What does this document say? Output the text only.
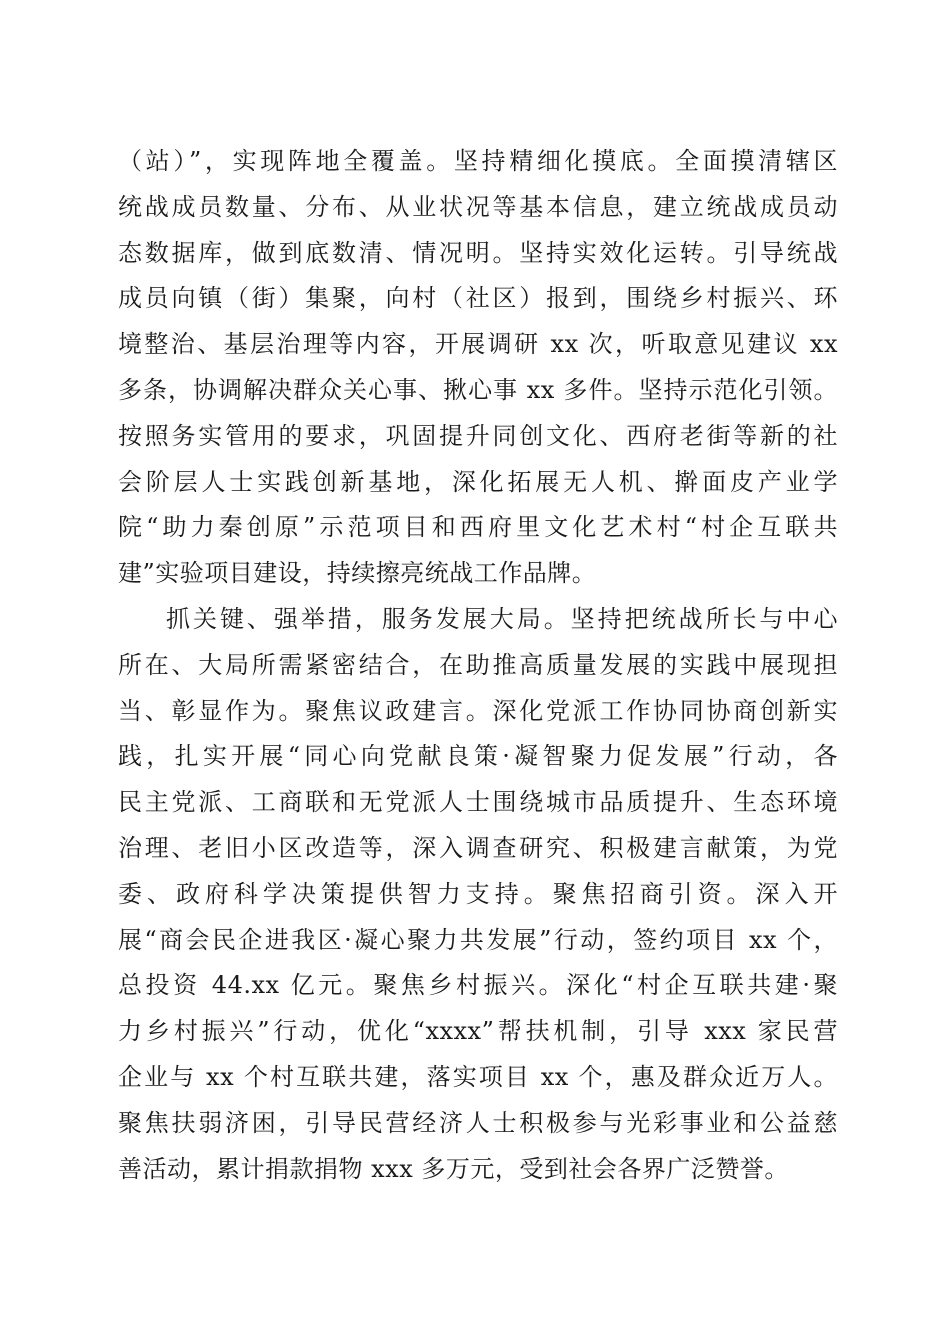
（站）”，实现阵地全覆盖。坚持精细化摸底。全面摸清辖区
统战成员数量、分布、从业状况等基本信息，建立统战成员动
态数据库，做到底数清、情况明。坚持实效化运转。引导统战
成员向镇（街）集聚，向村（社区）报到，围绕乡村振兴、环
境整治、基层治理等内容，开展调研 xx 次，听取意见建议 xx
多条，协调解决群众关心事、揪心事 xx 多件。坚持示范化引领。
按照务实管用的要求，巩固提升同创文化、西府老街等新的社
会阶层人士实践创新基地，深化拓展无人机、擀面皮产业学
院“助力秦创原”示范项目和西府里文化艺术村“村企互联共
建”实验项目建设，持续擦亮统战工作品牌。
抓关键、强举措，服务发展大局。坚持把统战所长与中心
所在、大局所需紧密结合，在助推高质量发展的实践中展现担
当、彰显作为。聚焦议政建言。深化党派工作协同协商创新实
践，扎实开展“同心向党献良策·凝智聚力促发展”行动，各
民主党派、工商联和无党派人士围绕城市品质提升、生态环境
治理、老旧小区改造等，深入调查研究、积极建言献策，为党
委、政府科学决策提供智力支持。聚焦招商引资。深入开
展“商会民企进我区·凝心聚力共发展”行动，签约项目 xx 个，
总投资 44.xx 亿元。聚焦乡村振兴。深化“村企互联共建·聚
力乡村振兴”行动，优化“xxxx”帮扶机制，引导 xxx 家民营
企业与 xx 个村互联共建，落实项目 xx 个，惠及群众近万人。
聚焦扶弱济困，引导民营经济人士积极参与光彩事业和公益慈
善活动，累计捐款捐物 xxx 多万元，受到社会各界广泛赞誉。
